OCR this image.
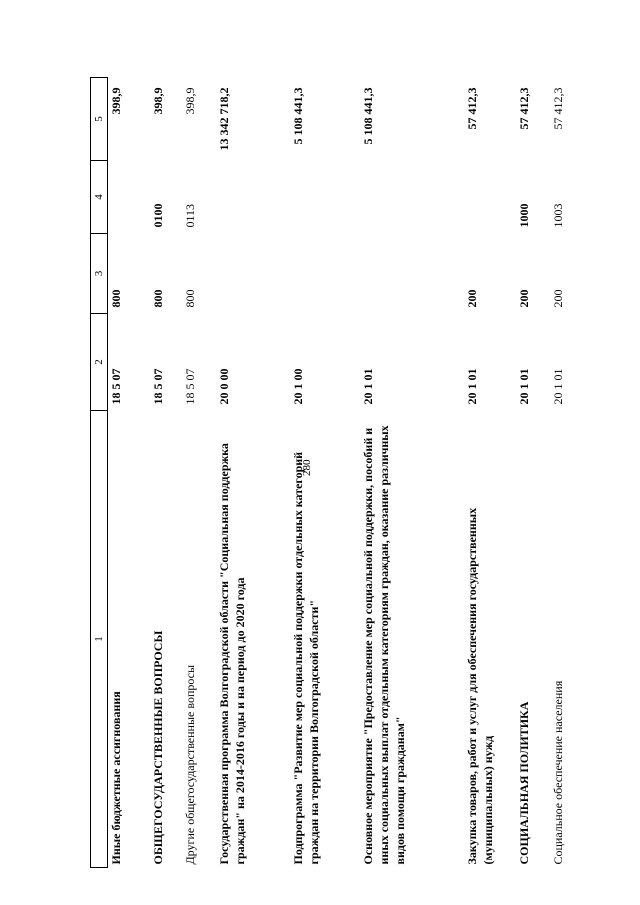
280
1	2	3	4	5
Иные бюджетные ассигнования	18 5 07	800		398,9
ОБЩЕГОСУДАРСТВЕННЫЕ ВОПРОСЫ	18 5 07	800	0100	398,9
Другие общегосударственные вопросы	18 5 07	800	0113	398,9
Государственная программа Волгоградской области "Социальная поддержка граждан" на 2014-2016 годы и на период до 2020 года	20 0 00			13 342 718,2
Подпрограмма "Развитие мер социальной поддержки отдельных категорий граждан на территории Волгоградской области"	20 1 00			5 108 441,3
Основное мероприятие "Предоставление мер социальной поддержки, пособий и иных социальных выплат отдельным категориям граждан, оказание различных видов помощи гражданам"	20 1 01			5 108 441,3
Закупка товаров, работ и услуг для обеспечения государственных (муниципальных) нужд	20 1 01	200		57 412,3
СОЦИАЛЬНАЯ ПОЛИТИКА	20 1 01	200	1000	57 412,3
Социальное обеспечение населения	20 1 01	200	1003	57 412,3
